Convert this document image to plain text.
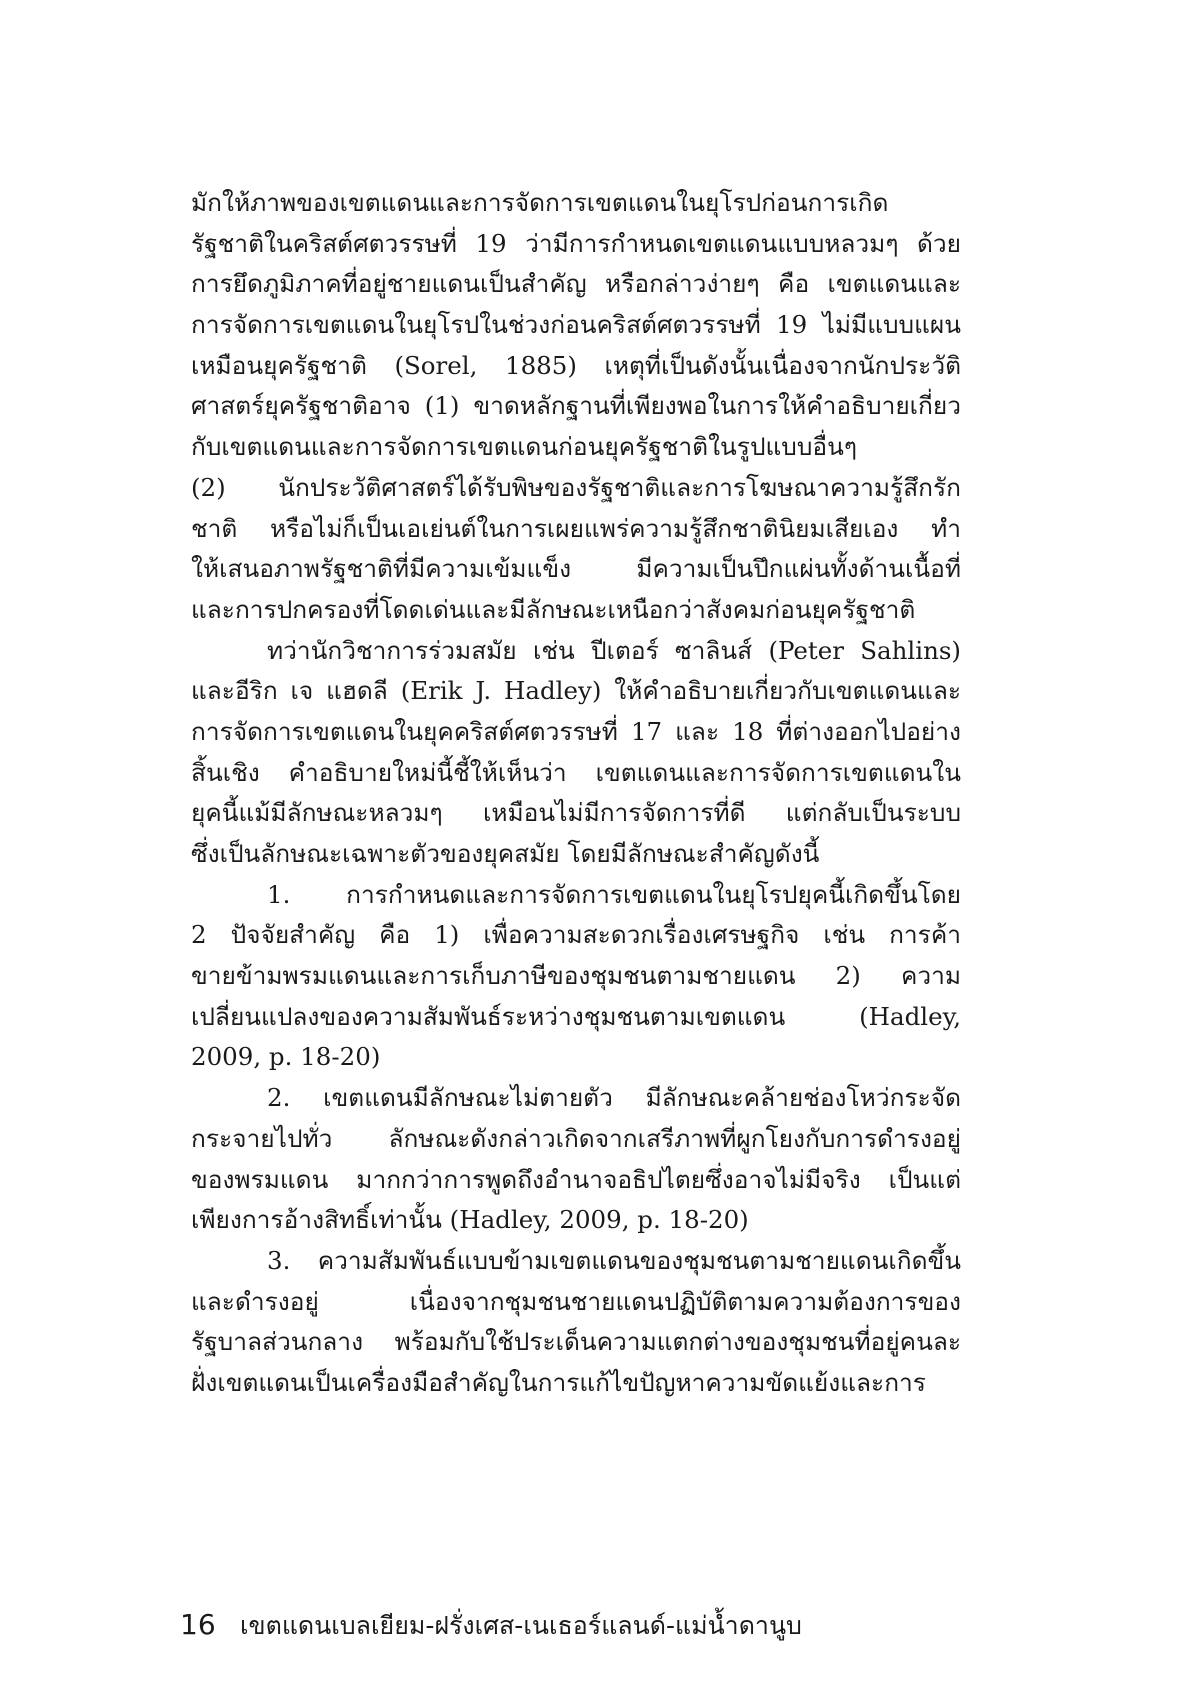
มักให้ภาพของเขตแดนและการจัดการเขตแดนในยุโรปก่อนการเกิด
รัฐชาติในคริสต์ศตวรรษที่ 19 ว่ามีการกำหนดเขตแดนแบบหลวมๆ ด้วย
การยึดภูมิภาคที่อยู่ชายแดนเป็นสำคัญ หรือกล่าวง่ายๆ คือ เขตแดนและ
การจัดการเขตแดนในยุโรปในช่วงก่อนคริสต์ศตวรรษที่ 19 ไม่มีแบบแผน
เหมือนยุครัฐชาติ (Sorel, 1885) เหตุที่เป็นดังนั้นเนื่องจากนักประวัติ
ศาสตร์ยุครัฐชาติอาจ (1) ขาดหลักฐานที่เพียงพอในการให้คำอธิบายเกี่ยว
กับเขตแดนและการจัดการเขตแดนก่อนยุครัฐชาติในรูปแบบอื่นๆ
(2) นักประวัติศาสตร์ได้รับพิษของรัฐชาติและการโฆษณาความรู้สึกรัก
ชาติ หรือไม่ก็เป็นเอเย่นต์ในการเผยแพร่ความรู้สึกชาตินิยมเสียเอง ทำ
ให้เสนอภาพรัฐชาติที่มีความเข้มแข็ง มีความเป็นปึกแผ่นทั้งด้านเนื้อที่
และการปกครองที่โดดเด่นและมีลักษณะเหนือกว่าสังคมก่อนยุครัฐชาติ
ทว่านักวิชาการร่วมสมัย เช่น ปีเตอร์ ซาลินส์ (Peter Sahlins)
และอีริก เจ แฮดลี (Erik J. Hadley) ให้คำอธิบายเกี่ยวกับเขตแดนและ
การจัดการเขตแดนในยุคคริสต์ศตวรรษที่ 17 และ 18 ที่ต่างออกไปอย่าง
สิ้นเชิง คำอธิบายใหม่นี้ชี้ให้เห็นว่า เขตแดนและการจัดการเขตแดนใน
ยุคนี้แม้มีลักษณะหลวมๆ เหมือนไม่มีการจัดการที่ดี แต่กลับเป็นระบบ
ซึ่งเป็นลักษณะเฉพาะตัวของยุคสมัย โดยมีลักษณะสำคัญดังนี้
1. การกำหนดและการจัดการเขตแดนในยุโรปยุคนี้เกิดขึ้นโดย
2 ปัจจัยสำคัญ คือ 1) เพื่อความสะดวกเรื่องเศรษฐกิจ เช่น การค้า
ขายข้ามพรมแดนและการเก็บภาษีของชุมชนตามชายแดน 2) ความ
เปลี่ยนแปลงของความสัมพันธ์ระหว่างชุมชนตามเขตแดน (Hadley,
2009, p. 18-20)
2. เขตแดนมีลักษณะไม่ตายตัว มีลักษณะคล้ายช่องโหว่กระจัด
กระจายไปทั่ว ลักษณะดังกล่าวเกิดจากเสรีภาพที่ผูกโยงกับการดำรงอยู่
ของพรมแดน มากกว่าการพูดถึงอำนาจอธิปไตยซึ่งอาจไม่มีจริง เป็นแต่
เพียงการอ้างสิทธิ์เท่านั้น (Hadley, 2009, p. 18-20)
3. ความสัมพันธ์แบบข้ามเขตแดนของชุมชนตามชายแดนเกิดขึ้น
และดำรงอยู่ เนื่องจากชุมชนชายแดนปฏิบัติตามความต้องการของ
รัฐบาลส่วนกลาง พร้อมกับใช้ประเด็นความแตกต่างของชุมชนที่อยู่คนละ
ฝั่งเขตแดนเป็นเครื่องมือสำคัญในการแก้ไขปัญหาความขัดแย้งและการ
16 เขตแดนเบลเยียม-ฝรั่งเศส-เนเธอร์แลนด์-แม่น้ำดานูบ
